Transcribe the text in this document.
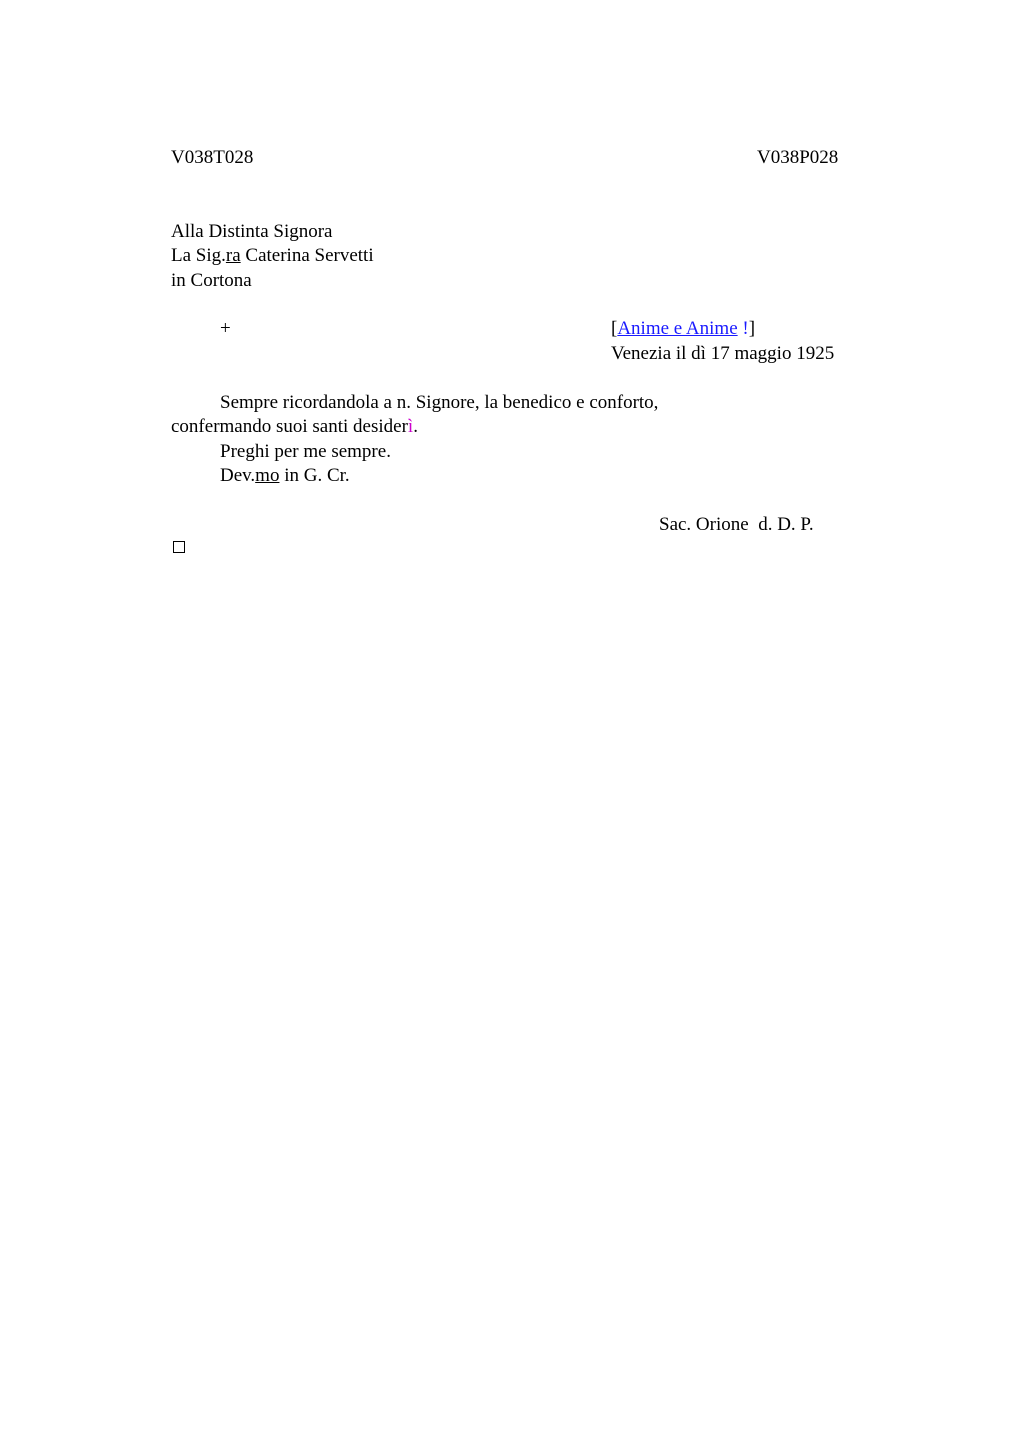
V038T028	V038P028
Alla Distinta Signora
La Sig.ra Caterina Servetti
in Cortona
+	[Anime e Anime !]
Venezia il dì 17 maggio 1925
Sempre ricordandola a n. Signore, la benedico e conforto,
confermando suoi santi desiderì.
Preghi per me sempre.
Dev.mo in G. Cr.
Sac. Orione  d. D. P.
